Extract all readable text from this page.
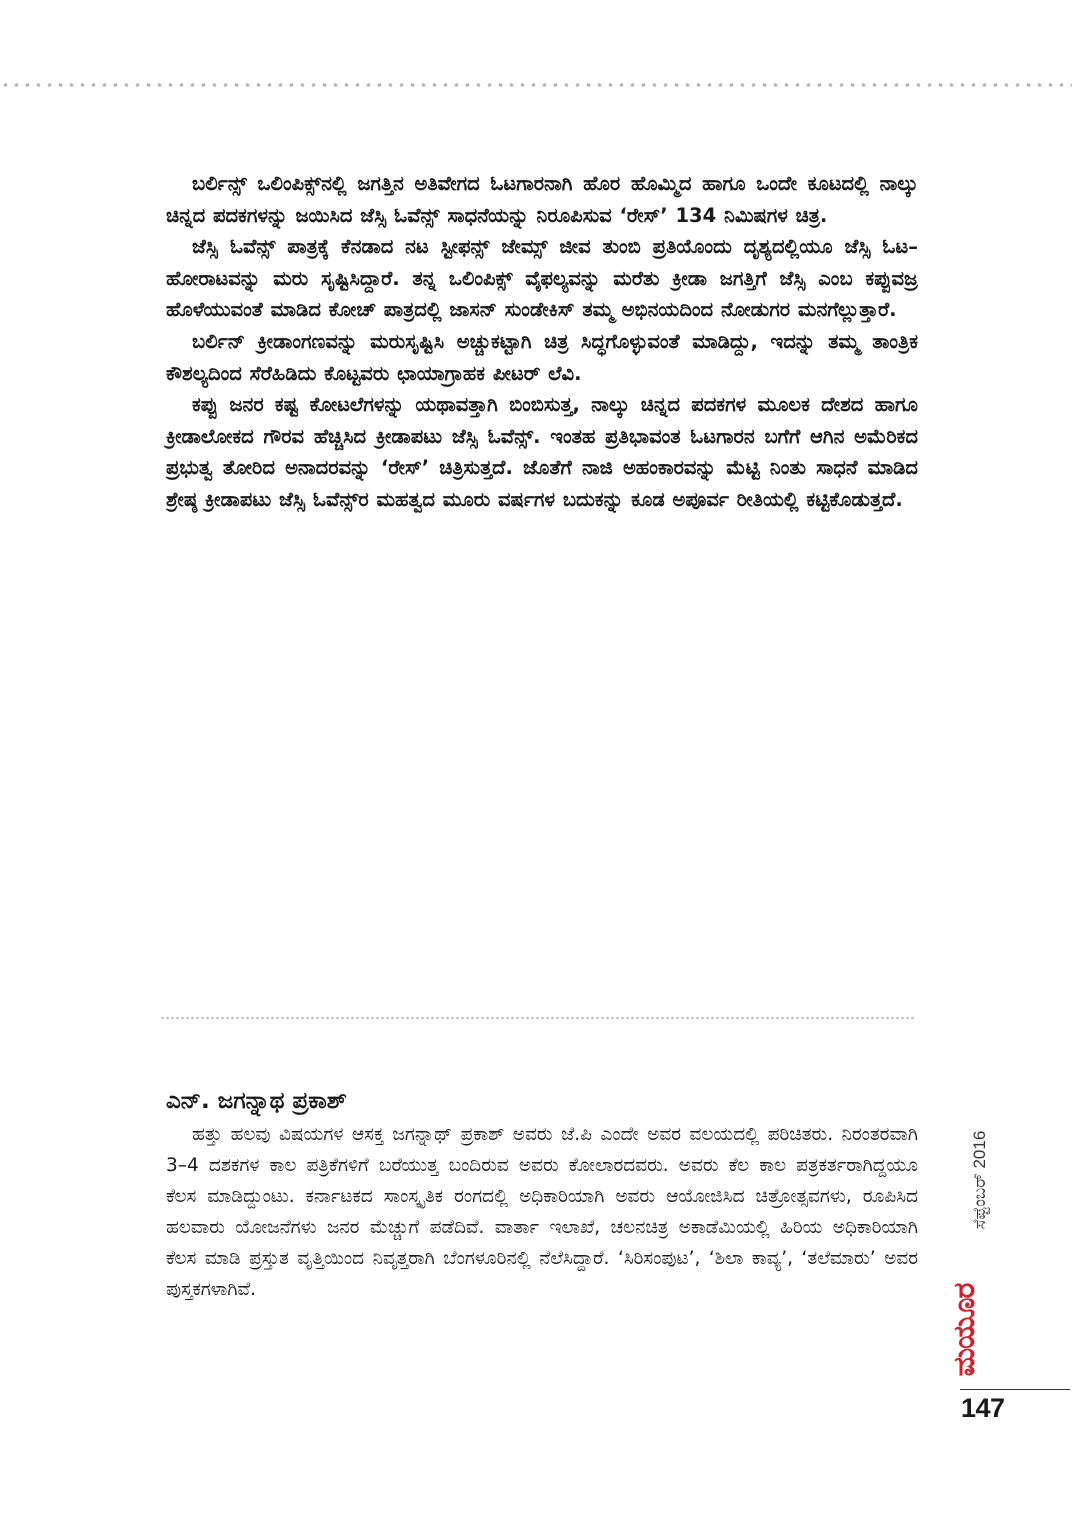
ಬರ್ಲಿನ್ಸ್ ಒಲಿಂಪಿಕ್ಸ್‌ನಲ್ಲಿ ಜಗತ್ತಿನ ಅತಿವೇಗದ ಓಟಗಾರನಾಗಿ ಹೊರ ಹೊಮ್ಮಿದ ಹಾಗೂ ಒಂದೇ ಕೂಟದಲ್ಲಿ ನಾಲ್ಕು ಚಿನ್ನದ ಪದಕಗಳನ್ನು ಜಯಿಸಿದ ಜೆಸ್ಸಿ ಓವೆನ್ಸ್ ಸಾಧನೆಯನ್ನು ನಿರೂಪಿಸುವ ‘ರೇಸ್’ 134 ನಿಮಿಷಗಳ ಚಿತ್ರ.

ಜೆಸ್ಸಿ ಓವೆನ್ಸ್ ಪಾತ್ರಕ್ಕೆ ಕೆನಡಾದ ನಟ ಸ್ಟೀಫನ್ಸ್ ಜೇಮ್ಸ್ ಜೀವ ತುಂಬಿ ಪ್ರತಿಯೊಂದು ದೃಶ್ಯದಲ್ಲಿಯೂ ಜೆಸ್ಸಿ ಓಟ–ಹೋರಾಟವನ್ನು ಮರು ಸೃಷ್ಟಿಸಿದ್ದಾರೆ. ತನ್ನ ಒಲಿಂಪಿಕ್ಸ್ ವೈಫಲ್ಯವನ್ನು ಮರೆತು ಕ್ರೀಡಾ ಜಗತ್ತಿಗೆ ಜೆಸ್ಸಿ ಎಂಬ ಕಪ್ಪುವಜ್ರ ಹೊಳೆಯುವಂತೆ ಮಾಡಿದ ಕೋಚ್ ಪಾತ್ರದಲ್ಲಿ ಜಾಸನ್ ಸುಂಡೇಕಿಸ್ ತಮ್ಮ ಅಭಿನಯದಿಂದ ನೋಡುಗರ ಮನಗೆಲ್ಲುತ್ತಾರೆ.

ಬರ್ಲಿನ್ ಕ್ರೀಡಾಂಗಣವನ್ನು ಮರುಸೃಷ್ಟಿಸಿ ಅಚ್ಚುಕಟ್ಟಾಗಿ ಚಿತ್ರ ಸಿದ್ಧಗೊಳ್ಳುವಂತೆ ಮಾಡಿದ್ದು, ಇದನ್ನು ತಮ್ಮ ತಾಂತ್ರಿಕ ಕೌಶಲ್ಯದಿಂದ ಸೆರೆಹಿಡಿದು ಕೊಟ್ಟವರು ಛಾಯಾಗ್ರಾಹಕ ಪೀಟರ್ ಲೆವಿ.

ಕಪ್ಪು ಜನರ ಕಷ್ಟ ಕೋಟಲೆಗಳನ್ನು ಯಥಾವತ್ತಾಗಿ ಬಿಂಬಿಸುತ್ತ, ನಾಲ್ಕು ಚಿನ್ನದ ಪದಕಗಳ ಮೂಲಕ ದೇಶದ ಹಾಗೂ ಕ್ರೀಡಾಲೋಕದ ಗೌರವ ಹೆಚ್ಚಿಸಿದ ಕ್ರೀಡಾಪಟು ಜೆಸ್ಸಿ ಓವೆನ್ಸ್. ಇಂತಹ ಪ್ರತಿಭಾವಂತ ಓಟಗಾರನ ಬಗೆಗೆ ಆಗಿನ ಅಮೆರಿಕದ ಪ್ರಭುತ್ವ ತೋರಿದ ಅನಾದರವನ್ನು ‘ರೇಸ್’ ಚಿತ್ರಿಸುತ್ತದೆ. ಜೊತೆಗೆ ನಾಜಿ ಅಹಂಕಾರವನ್ನು ಮೆಟ್ಟಿ ನಿಂತು ಸಾಧನೆ ಮಾಡಿದ ಶ್ರೇಷ್ಠ ಕ್ರೀಡಾಪಟು ಜೆಸ್ಸಿ ಓವೆನ್ಸ್‌ರ ಮಹತ್ವದ ಮೂರು ವರ್ಷಗಳ ಬದುಕನ್ನು ಕೂಡ ಅಪೂರ್ವ ರೀತಿಯಲ್ಲಿ ಕಟ್ಟಿಕೊಡುತ್ತದೆ.

ಎನ್. ಜಗನ್ನಾಥ ಪ್ರಕಾಶ್

ಹತ್ತು ಹಲವು ವಿಷಯಗಳ ಆಸಕ್ತ ಜಗನ್ನಾಥ್ ಪ್ರಕಾಶ್ ಅವರು ಜೆ.ಪಿ ಎಂದೇ ಅವರ ವಲಯದಲ್ಲಿ ಪರಿಚಿತರು. ನಿರಂತರವಾಗಿ 3–4 ದಶಕಗಳ ಕಾಲ ಪತ್ರಿಕೆಗಳಿಗೆ ಬರೆಯುತ್ತ ಬಂದಿರುವ ಅವರು ಕೋಲಾರದವರು. ಅವರು ಕೆಲ ಕಾಲ ಪತ್ರಕರ್ತರಾಗಿದ್ದಯೂ ಕೆಲಸ ಮಾಡಿದ್ದುಂಟು. ಕರ್ನಾಟಕದ ಸಾಂಸ್ಕೃತಿಕ ರಂಗದಲ್ಲಿ ಅಧಿಕಾರಿಯಾಗಿ ಅವರು ಆಯೋಜಿಸಿದ ಚಿತ್ರೋತ್ಸವಗಳು, ರೂಪಿಸಿದ ಹಲವಾರು ಯೋಜನೆಗಳು ಜನರ ಮೆಚ್ಚುಗೆ ಪಡೆದಿವೆ. ವಾರ್ತಾ ಇಲಾಖೆ, ಚಲನಚಿತ್ರ ಅಕಾಡೆಮಿಯಲ್ಲಿ ಹಿರಿಯ ಅಧಿಕಾರಿಯಾಗಿ ಕೆಲಸ ಮಾಡಿ ಪ್ರಸ್ತುತ ವೃತ್ತಿಯಿಂದ ನಿವೃತ್ತರಾಗಿ ಬೆಂಗಳೂರಿನಲ್ಲಿ ನೆಲೆಸಿದ್ದಾರೆ. ‘ಸಿರಿಸಂಪುಟ’, ‘ಶಿಲಾ ಕಾವ್ಯ’, ‘ತಲೆಮಾರು’ ಅವರ ಪುಸ್ತಕಗಳಾಗಿವೆ.

ಸೆಪ್ಟೆಂಬರ್ 2016
ಮಯೂರ
147
